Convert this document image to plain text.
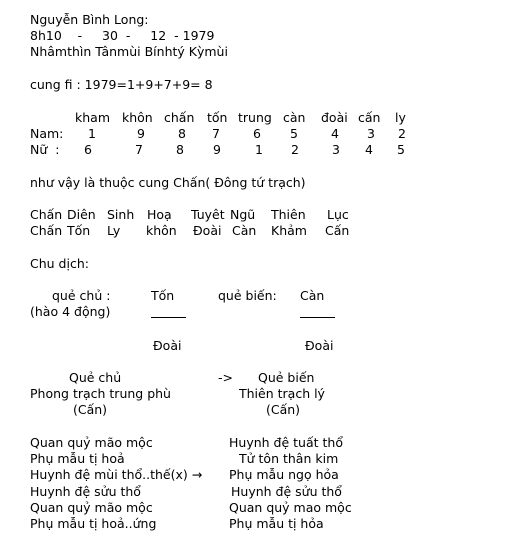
Nguyễn Bình Long:
8h10    -     30  -     12  - 1979
Nhâmthìn Tânmùi Bínhtý Kỳmùi
cung fi : 1979=1+9+7+9= 8
kham khôn chấn tốn trung càn đoài cấn ly
Nam: 1	9	8 7	6 5	4 3 2
Nữ  : 6	7	8 9	1 2	3 4 5
như vậy là thuộc cung Chấn( Đông tứ trạch)
Chấn Diên Sinh Hoạ Tuyêt Ngũ Thiên Lục
Chấn Tốn Ly khôn Đoài Càn Khảm Cấn
Chu dịch:
quẻ chủ :	Tốn	quẻ biến: Càn
(hào 4 động)
Đoài	Đoài
Quẻ chủ	-> Quẻ biến
Phong trạch trung phù	Thiên trạch lý
(Cấn)	(Cấn)
Quan quỷ mão mộc	Huynh đệ tuất thổ
Phụ mẫu tị hoả	Tử tôn thân kim
Huynh đệ mùi thổ..thế(x) → Phụ mẫu ngọ hỏa
Huynh đệ sửu thổ	Huynh đệ sửu thổ
Quan quỷ mão mộc	Quan quỷ mao mộc
Phụ mẫu tị hoả..ứng	Phụ mẫu tị hỏa
